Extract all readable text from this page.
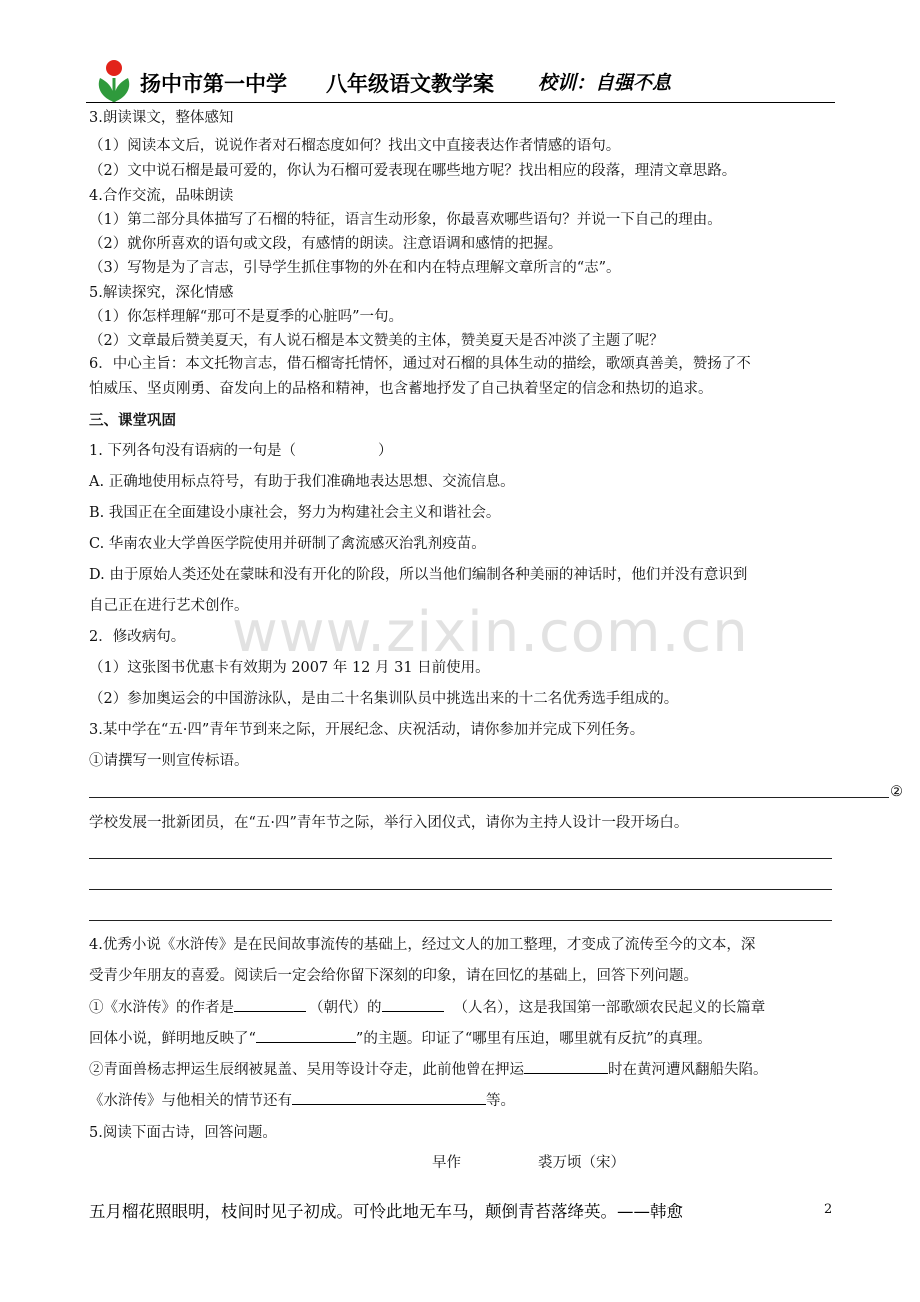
扬中市第一中学 八年级语文教学案 校训：自强不息
www.zixin.com.cn
3.朗读课文，整体感知
（1）阅读本文后，说说作者对石榴态度如何？找出文中直接表达作者情感的语句。
（2）文中说石榴是最可爱的，你认为石榴可爱表现在哪些地方呢？找出相应的段落，理清文章思路。
4.合作交流，品味朗读
（1）第二部分具体描写了石榴的特征，语言生动形象，你最喜欢哪些语句？并说一下自己的理由。
（2）就你所喜欢的语句或文段，有感情的朗读。注意语调和感情的把握。
（3）写物是为了言志，引导学生抓住事物的外在和内在特点理解文章所言的“志”。
5.解读探究，深化情感
（1）你怎样理解“那可不是夏季的心脏吗”一句。
（2）文章最后赞美夏天，有人说石榴是本文赞美的主体，赞美夏天是否冲淡了主题了呢？
6．中心主旨：本文托物言志，借石榴寄托情怀，通过对石榴的具体生动的描绘，歌颂真善美，赞扬了不
怕威压、坚贞刚勇、奋发向上的品格和精神，也含蓄地抒发了自己执着坚定的信念和热切的追求。
三、课堂巩固
1. 下列各句没有语病的一句是（	）
A. 正确地使用标点符号，有助于我们准确地表达思想、交流信息。
B. 我国正在全面建设小康社会，努力为构建社会主义和谐社会。
C. 华南农业大学兽医学院使用并研制了禽流感灭治乳剂疫苗。
D. 由于原始人类还处在蒙昧和没有开化的阶段，所以当他们编制各种美丽的神话时，他们并没有意识到
自己正在进行艺术创作。
2．修改病句。
（1）这张图书优惠卡有效期为 2007 年 12 月 31 日前使用。
（2）参加奥运会的中国游泳队，是由二十名集训队员中挑选出来的十二名优秀选手组成的。
3.某中学在“五·四”青年节到来之际，开展纪念、庆祝活动，请你参加并完成下列任务。
①请撰写一则宣传标语。
②
学校发展一批新团员，在“五·四”青年节之际，举行入团仪式，请你为主持人设计一段开场白。
4.优秀小说《水浒传》是在民间故事流传的基础上，经过文人的加工整理，才变成了流传至今的文本，深
受青少年朋友的喜爱。阅读后一定会给你留下深刻的印象，请在回忆的基础上，回答下列问题。
①《水浒传》的作者是	（朝代）的	（人名），这是我国第一部歌颂农民起义的长篇章
回体小说，鲜明地反映了“	”的主题。印证了“哪里有压迫，哪里就有反抗”的真理。
②青面兽杨志押运生辰纲被晁盖、吴用等设计夺走，此前他曾在押运	时在黄河遭风翻船失陷。
《水浒传》与他相关的情节还有	等。
5.阅读下面古诗，回答问题。
早作	裘万顷（宋）
五月榴花照眼明，枝间时见子初成。可怜此地无车马，颠倒青苔落绛英。——韩愈	2
